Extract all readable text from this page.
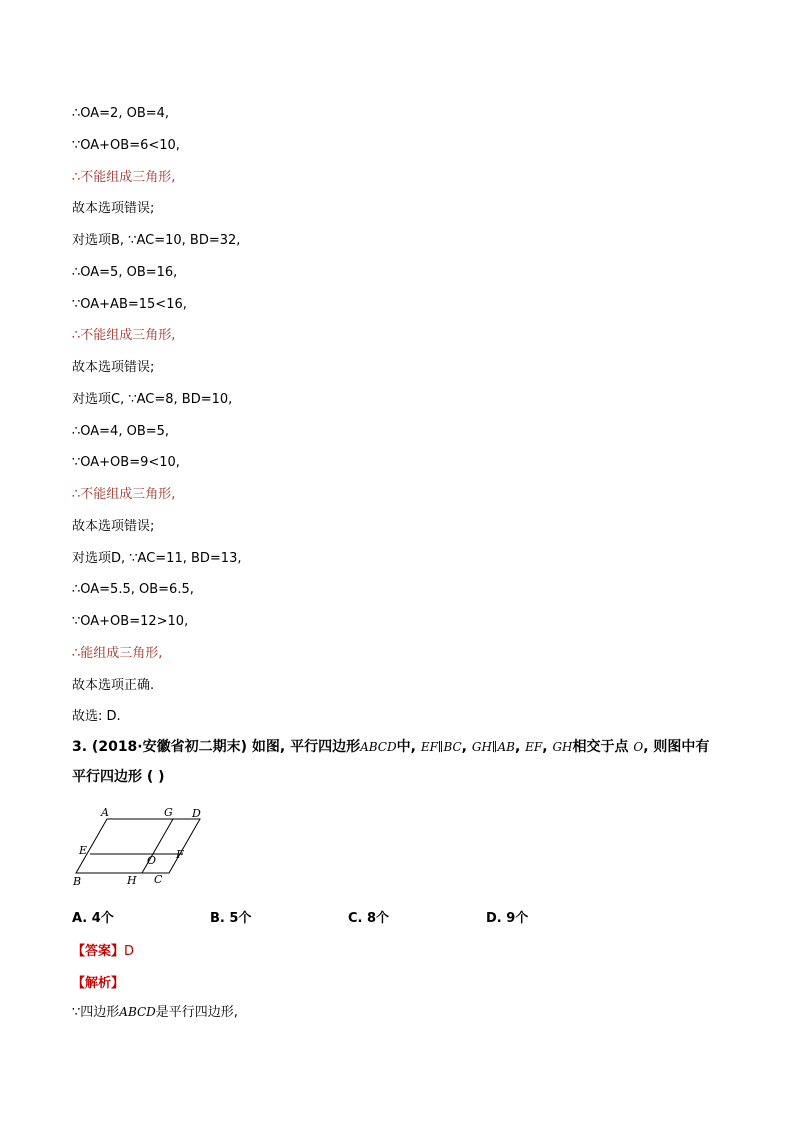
∴OA=2, OB=4,
∵OA+OB=6<10,
∴不能组成三角形,
故本选项错误;
对选项B, ∵AC=10, BD=32,
∴OA=5, OB=16,
∵OA+AB=15<16,
∴不能组成三角形,
故本选项错误;
对选项C, ∵AC=8, BD=10,
∴OA=4, OB=5,
∵OA+OB=9<10,
∴不能组成三角形,
故本选项错误;
对选项D, ∵AC=11, BD=13,
∴OA=5.5, OB=6.5,
∵OA+OB=12>10,
∴能组成三角形,
故本选项正确.
故选: D.
3. (2018·安徽省初二期末) 如图, 平行四边形ABCD中, EF∥BC, GH∥AB, EF, GH相交于点 O, 则图中有
平行四边形 ( )
A	G D
E
O F
B	H C
A. 4个	B. 5个	C. 8个	D. 9个
【答案】D
【解析】
∵四边形ABCD是平行四边形,
